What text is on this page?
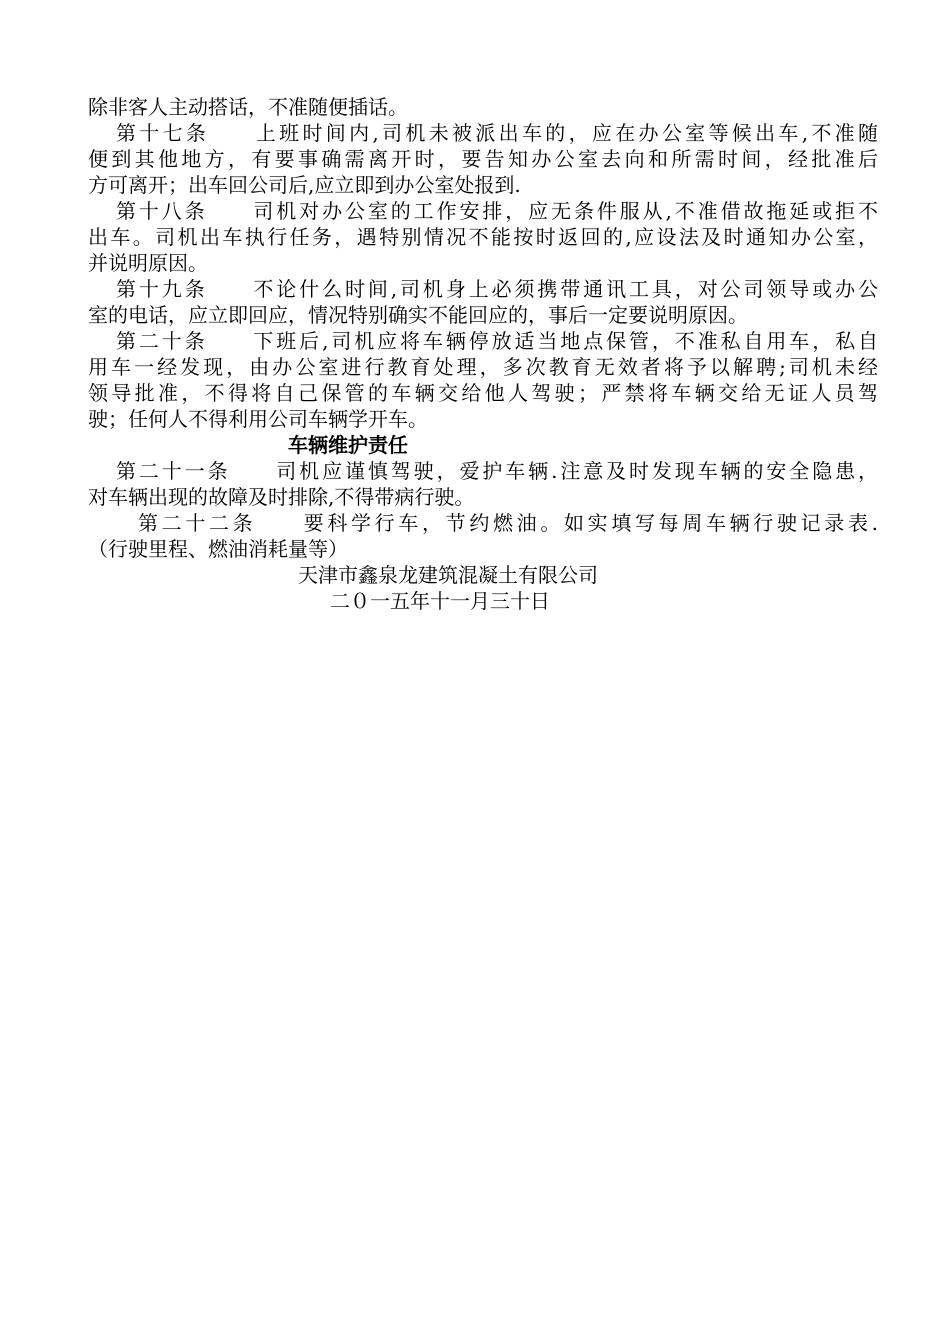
除非客人主动搭话，不准随便插话。
第十七条　　上班时间内,司机未被派出车的，应在办公室等候出车,不准随
便到其他地方，有要事确需离开时，要告知办公室去向和所需时间，经批准后
方可离开；出车回公司后,应立即到办公室处报到.
第十八条　　司机对办公室的工作安排，应无条件服从,不准借故拖延或拒不
出车。司机出车执行任务，遇特别情况不能按时返回的,应设法及时通知办公室，
并说明原因。
第十九条　　不论什么时间,司机身上必须携带通讯工具，对公司领导或办公
室的电话，应立即回应，情况特别确实不能回应的，事后一定要说明原因。
第二十条　　下班后,司机应将车辆停放适当地点保管，不准私自用车，私自
用车一经发现，由办公室进行教育处理，多次教育无效者将予以解聘;司机未经
领导批准，不得将自己保管的车辆交给他人驾驶；严禁将车辆交给无证人员驾
驶；任何人不得利用公司车辆学开车。
车辆维护责任
第二十一条　　司机应谨慎驾驶，爱护车辆.注意及时发现车辆的安全隐患，
对车辆出现的故障及时排除,不得带病行驶。
第二十二条　　要科学行车，节约燃油。如实填写每周车辆行驶记录表.
（行驶里程、燃油消耗量等）
天津市鑫泉龙建筑混凝土有限公司
二０一五年十一月三十日
